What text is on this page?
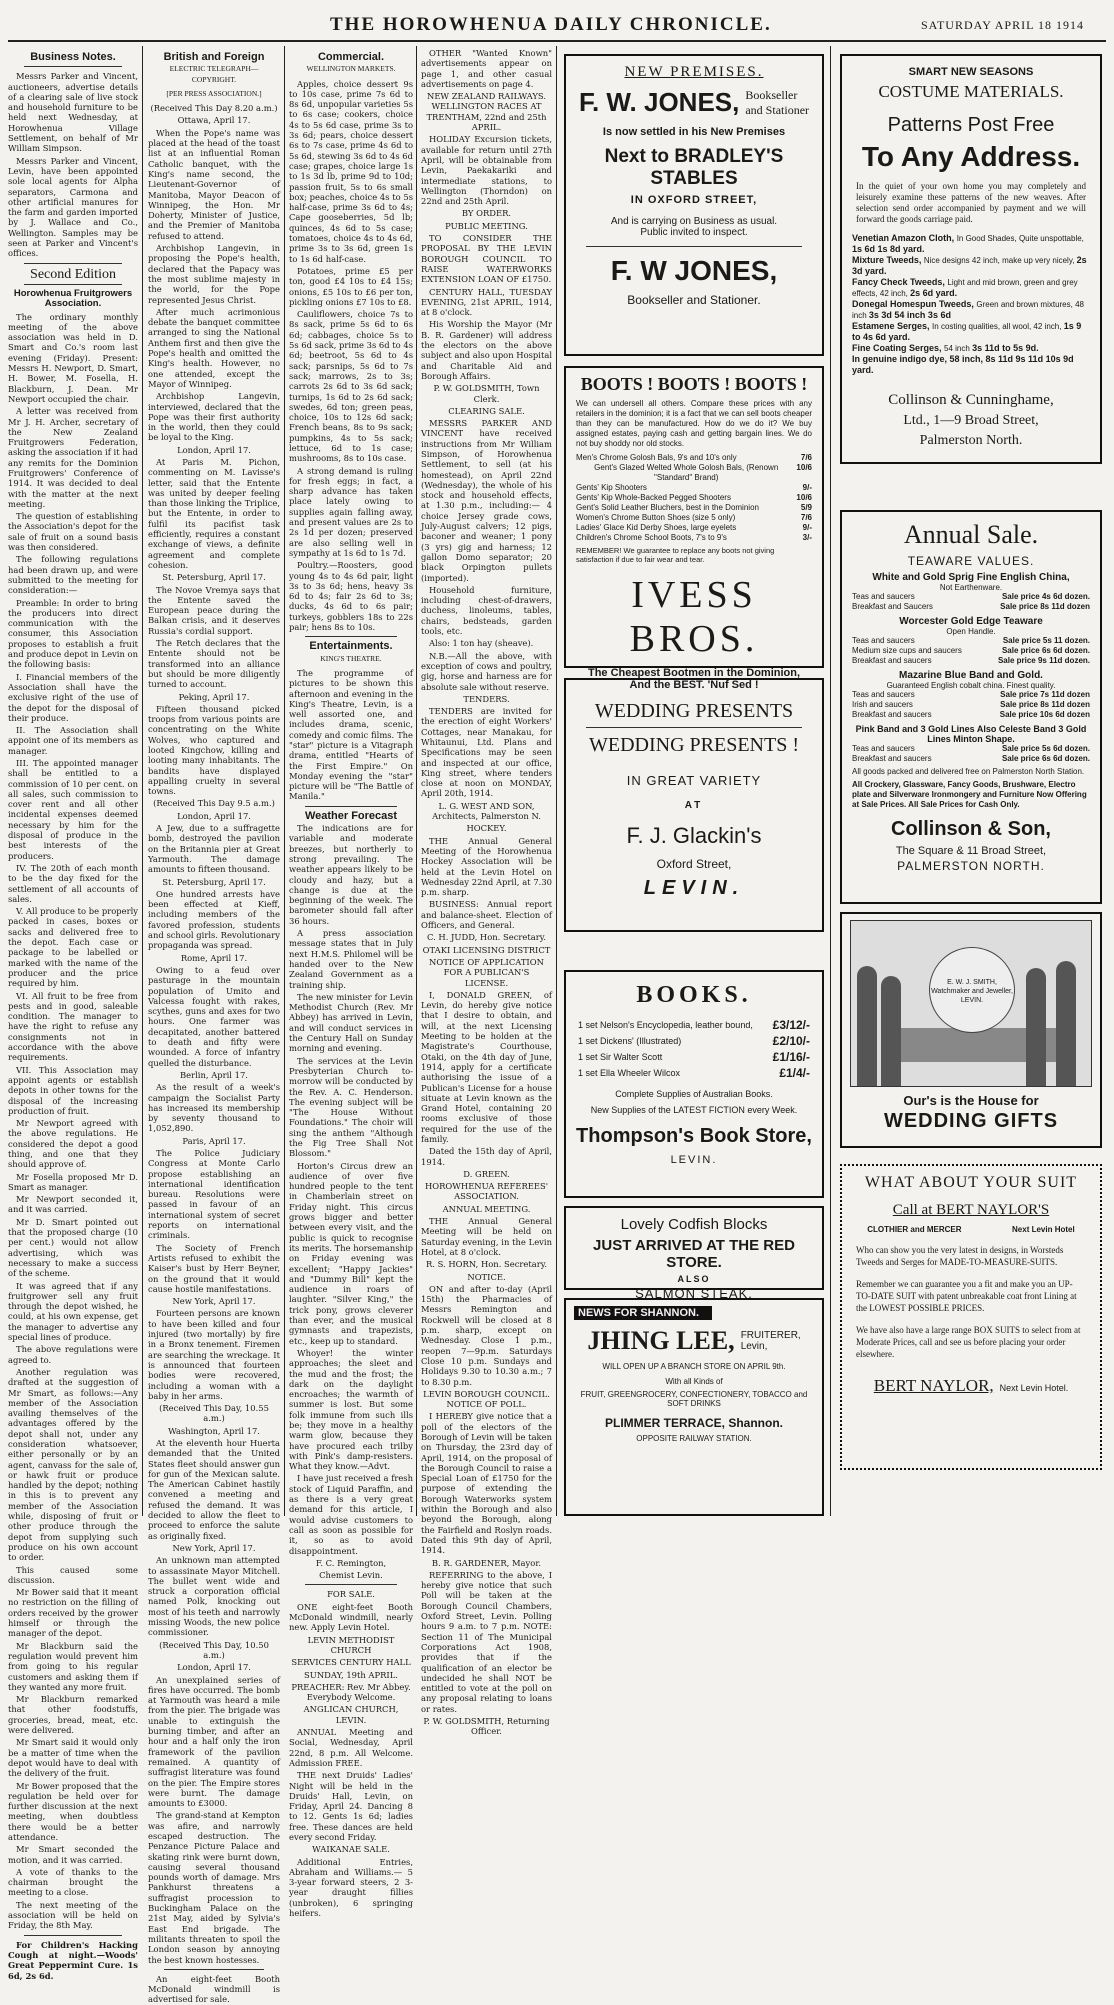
THE HOROWHENUA DAILY CHRONICLE.	SATURDAY APRIL 18 1914
Business Notes.

Messrs Parker and Vincent, auctioneers, advertise details of a clearing sale of live stock and household furniture to be held next Wednesday, at Horowhenua Village Settlement, on behalf of Mr William Simpson.

Messrs Parker and Vincent, Levin, have been appointed sole local agents for Alpha separators, Carmona and other artificial manures for the farm and garden imported by J. Wallace and Co., Wellington. Samples may be seen at Parker and Vincent's offices.

Second Edition
Horowhenua Fruitgrowers Association.

The ordinary monthly meeting of the above association was held in D. Smart and Co.'s room last evening (Friday). Present: Messrs H. Newport, D. Smart, H. Bower, M. Fosella, H. Blackburn, J. Dean. Mr Newport occupied the chair.

A letter was received from Mr J. H. Archer, secretary of the New Zealand Fruitgrowers Federation, asking the association if it had any remits for the Dominion Fruitgrowers' Conference of 1914. It was decided to deal with the matter at the next meeting.

The question of establishing the Association's depot for the sale of fruit on a sound basis was then considered.

The following regulations had been drawn up, and were submitted to the meeting for consideration:—

Preamble: In order to bring the producers into direct communication with the consumer, this Association proposes to establish a fruit and produce depot in Levin on the following basis:

I. Financial members of the Association shall have the exclusive right of the use of the depot for the disposal of their produce.

II. The Association shall appoint one of its members as manager.

III. The appointed manager shall be entitled to a commission of 10 per cent. on all sales, such commission to cover rent and all other incidental expenses deemed necessary by him for the disposal of produce in the best interests of the producers.

IV. The 20th of each month to be the day fixed for the settlement of all accounts of sales.

V. All produce to be properly packed in cases, boxes or sacks and delivered free to the depot. Each case or package to be labelled or marked with the name of the producer and the price required by him.

VI. All fruit to be free from pests and in good, saleable condition. The manager to have the right to refuse any consignments not in accordance with the above requirements.

VII. This Association may appoint agents or establish depots in other towns for the disposal of the increasing production of fruit.

Mr Newport agreed with the above regulations. He considered the depot a good thing, and one that they should approve of.

Mr Fosella proposed Mr D. Smart as manager.

Mr Newport seconded it, and it was carried.

Mr D. Smart pointed out that the proposed charge (10 per cent.) would not allow advertising, which was necessary to make a success of the scheme.

It was agreed that if any fruitgrower sell any fruit through the depot wished, he could, at his own expense, get the manager to advertise any special lines of produce.

The above regulations were agreed to.

Another regulation was drafted at the suggestion of Mr Smart, as follows:—Any member of the Association availing themselves of the advantages offered by the depot shall not, under any consideration whatsoever, either personally or by an agent, canvass for the sale of, or hawk fruit or produce handled by the depot; nothing in this is to prevent any member of the Association while, disposing of fruit or other produce through the depot from supplying such produce on his own account to order.

This caused some discussion.

Mr Bower said that it meant no restriction on the filling of orders received by the grower himself or through the manager of the depot.

Mr Blackburn said the regulation would prevent him from going to his regular customers and asking them if they wanted any more fruit.

Mr Blackburn remarked that other foodstuffs, groceries, bread, meat, etc. were delivered.

Mr Smart said it would only be a matter of time when the depot would have to deal with the delivery of the fruit.

Mr Bower proposed that the regulation be held over for further discussion at the next meeting, when doubtless there would be a better attendance.

Mr Smart seconded the motion, and it was carried.

A vote of thanks to the chairman brought the meeting to a close.

The next meeting of the association will be held on Friday, the 8th May.

For Children's Hacking Cough at night.—Woods' Great Peppermint Cure. 1s 6d, 2s 6d.

British and Foreign
ELECTRIC TELEGRAPH—COPYRIGHT.
[PER PRESS ASSOCIATION.]

(Received This Day 8.20 a.m.)

Ottawa, April 17.

When the Pope's name was placed at the head of the toast list at an influential Roman Catholic banquet, with the King's name second, the Lieutenant-Governor of Manitoba, Mayor Deacon of Winnipeg, the Hon. Mr Doherty, Minister of Justice, and the Premier of Manitoba refused to attend.

Archbishop Langevin, in proposing the Pope's health, declared that the Papacy was the most sublime majesty in the world, for the Pope represented Jesus Christ.

After much acrimonious debate the banquet committee arranged to sing the National Anthem first and then give the Pope's health and omitted the King's health. However, no one attended, except the Mayor of Winnipeg.

Archbishop Langevin, interviewed, declared that the Pope was their first authority in the world, then they could be loyal to the King.

London, April 17.

At Paris M. Pichon, commenting on M. Lavisse's letter, said that the Entente was united by deeper feeling than those linking the Triplice, but the Entente, in order to fulfil its pacifist task efficiently, requires a constant exchange of views, a definite agreement and complete cohesion.

St. Petersburg, April 17.

The Novoe Vremya says that the Entente saved the European peace during the Balkan crisis, and it deserves Russia's cordial support.

The Retch declares that the Entente should not be transformed into an alliance but should be more diligently turned to account.

Peking, April 17.

Fifteen thousand picked troops from various points are concentrating on the White Wolves, who captured and looted Kingchow, killing and looting many inhabitants. The bandits have displayed appalling cruelty in several towns.

(Received This Day 9.5 a.m.)

London, April 17.

A Jew, due to a suffragette bomb, destroyed the pavilion on the Britannia pier at Great Yarmouth. The damage amounts to fifteen thousand.

St. Petersburg, April 17.

One hundred arrests have been effected at Kieff, including members of the favored profession, students and school girls. Revolutionary propaganda was spread.

Rome, April 17.

Owing to a feud over pasturage in the mountain population of Umito and Valcessa fought with rakes, scythes, guns and axes for two hours. One farmer was decapitated, another battered to death and fifty were wounded. A force of infantry quelled the disturbance.

Berlin, April 17.

As the result of a week's campaign the Socialist Party has increased its membership by seventy thousand to 1,052,890.

Paris, April 17.

The Police Judiciary Congress at Monte Carlo propose establishing an international identification bureau. Resolutions were passed in favour of an international system of secret reports on international criminals.

The Society of French Artists refused to exhibit the Kaiser's bust by Herr Beyner, on the ground that it would cause hostile manifestations.

New York, April 17.

Fourteen persons are known to have been killed and four injured (two mortally) by fire in a Bronx tenement. Firemen are searching the wreckage. It is announced that fourteen bodies were recovered, including a woman with a baby in her arms.

(Received This Day, 10.55 a.m.)

Washington, April 17.

At the eleventh hour Huerta demanded that the United States fleet should answer gun for gun of the Mexican salute. The American Cabinet hastily convened a meeting and refused the demand. It was decided to allow the fleet to proceed to enforce the salute as originally fixed.

New York, April 17.

An unknown man attempted to assassinate Mayor Mitchell. The bullet went wide and struck a corporation official named Polk, knocking out most of his teeth and narrowly missing Woods, the new police commissioner.

(Received This Day, 10.50 a.m.)

London, April 17.

An unexplained series of fires have occurred. The bomb at Yarmouth was heard a mile from the pier. The brigade was unable to extinguish the burning timber, and after an hour and a half only the iron framework of the pavilion remained. A quantity of suffragist literature was found on the pier. The Empire stores were burnt. The damage amounts to £3000.

The grand-stand at Kempton was afire, and narrowly escaped destruction. The Penzance Picture Palace and skating rink were burnt down, causing several thousand pounds worth of damage. Mrs Pankhurst threatens a suffragist procession to Buckingham Palace on the 21st May, aided by Sylvia's East End brigade. The militants threaten to spoil the London season by annoying the best known hostesses.

An eight-feet Booth McDonald windmill is advertised for sale.

Commercial.
WELLINGTON MARKETS.

Apples, choice dessert 9s to 10s case, prime 7s 6d to 8s 6d, unpopular varieties 5s to 6s case; cookers, choice 4s to 5s 6d case, prime 3s to 3s 6d; pears, choice dessert 6s to 7s case, prime 4s 6d to 5s 6d, stewing 3s 6d to 4s 6d case; grapes, choice large 1s to 1s 3d lb, prime 9d to 10d; passion fruit, 5s to 6s small box; peaches, choice 4s to 5s half-case, prime 3s 6d to 4s; Cape gooseberries, 5d lb; quinces, 4s 6d to 5s case; tomatoes, choice 4s to 4s 6d, prime 3s to 3s 6d, green 1s to 1s 6d half-case.

Potatoes, prime £5 per ton, good £4 10s to £4 15s; onions, £5 10s to £6 per ton, pickling onions £7 10s to £8.

Cauliflowers, choice 7s to 8s sack, prime 5s 6d to 6s 6d; cabbages, choice 5s to 5s 6d sack, prime 3s 6d to 4s 6d; beetroot, 5s 6d to 4s sack; parsnips, 5s 6d to 7s sack; marrows, 2s to 3s; carrots 2s 6d to 3s 6d sack; turnips, 1s 6d to 2s 6d sack; swedes, 6d ton; green peas, choice, 10s to 12s 6d sack; French beans, 8s to 9s sack; pumpkins, 4s to 5s sack; lettuce, 6d to 1s case; mushrooms, 8s to 10s case.

A strong demand is ruling for fresh eggs; in fact, a sharp advance has taken place lately owing to supplies again falling away, and present values are 2s to 2s 1d per dozen; preserved are also selling well in sympathy at 1s 6d to 1s 7d.

Poultry.—Roosters, good young 4s to 4s 6d pair, light 3s to 3s 6d; hens, heavy 3s 6d to 4s; fair 2s 6d to 3s; ducks, 4s 6d to 6s pair; turkeys, gobblers 18s to 22s pair; hens 8s to 10s.

Entertainments.
KING'S THEATRE.

The programme of pictures to be shown this afternoon and evening in the King's Theatre, Levin, is a well assorted one, and includes drama, scenic, comedy and comic films. The "star" picture is a Vitagraph drama, entitled "Hearts of the First Empire." On Monday evening the "star" picture will be "The Battle of Manila."

Weather Forecast

The indications are for variable and moderate breezes, but northerly to strong prevailing. The weather appears likely to be cloudy and hazy, but a change is due at the beginning of the week. The barometer should fall after 36 hours.

A press association message states that in July next H.M.S. Philomel will be handed over to the New Zealand Government as a training ship.

The new minister for Levin Methodist Church (Rev. Mr Abbey) has arrived in Levin, and will conduct services in the Century Hall on Sunday morning and evening.

The services at the Levin Presbyterian Church to-morrow will be conducted by the Rev. A. C. Henderson. The evening subject will be "The House Without Foundations." The choir will sing the anthem "Although the Fig Tree Shall Not Blossom."

Horton's Circus drew an audience of over five hundred people to the tent in Chamberlain street on Friday night. This circus grows bigger and better between every visit, and the public is quick to recognise its merits. The horsemanship on Friday evening was excellent; "Happy Jackies" and "Dummy Bill" kept the audience in roars of laughter. "Silver King," the trick pony, grows cleverer than ever, and the musical gymnasts and trapezists, etc., keep up to standard.

Whoyer! the winter approaches; the sleet and the mud and the frost; the dark on the daylight encroaches; the warmth of summer is lost. But some folk immune from such ills be; they move in a healthy warm glow, because they have procured each trilby with Pink's damp-resisters. What they know.—Advt.

I have just received a fresh stock of Liquid Paraffin, and as there is a very great demand for this article, I would advise customers to call as soon as possible for it, so as to avoid disappointment.

F. C. Remington,

Chemist Levin.

FOR SALE.

ONE eight-feet Booth McDonald windmill, nearly new. Apply Levin Hotel.

LEVIN METHODIST CHURCH

SERVICES CENTURY HALL

SUNDAY, 19th APRIL.

PREACHER: Rev. Mr Abbey. Everybody Welcome.

ANGLICAN CHURCH, LEVIN.

ANNUAL Meeting and Social, Wednesday, April 22nd, 8 p.m. All Welcome. Admission FREE.

THE next Druids' Ladies' Night will be held in the Druids' Hall, Levin, on Friday, April 24. Dancing 8 to 12. Gents 1s 6d; ladies free. These dances are held every second Friday.

WAIKANAE SALE.

Additional Entries, Abraham and Williams.— 5 3-year forward steers, 2 3-year draught fillies (unbroken), 6 springing heifers.

OTHER "Wanted Known" advertisements appear on page 1, and other casual advertisements on page 4.

NEW ZEALAND RAILWAYS. WELLINGTON RACES AT TRENTHAM, 22nd and 25th APRIL.

HOLIDAY Excursion tickets, available for return until 27th April, will be obtainable from Levin, Paekakariki and intermediate stations, to Wellington (Thorndon) on 22nd and 25th April.

BY ORDER.

PUBLIC MEETING.

TO CONSIDER THE PROPOSAL BY THE LEVIN BOROUGH COUNCIL TO RAISE WATERWORKS EXTENSION LOAN OF £1750.

CENTURY HALL, TUESDAY EVENING, 21st APRIL, 1914, at 8 o'clock.

His Worship the Mayor (Mr B. R. Gardener) will address the electors on the above subject and also upon Hospital and Charitable Aid and Borough Affairs.

P. W. GOLDSMITH, Town Clerk.

CLEARING SALE.

MESSRS PARKER AND VINCENT have received instructions from Mr William Simpson, of Horowhenua Settlement, to sell (at his homestead), on April 22nd (Wednesday), the whole of his stock and household effects, at 1.30 p.m., including:— 4 choice Jersey grade cows, July-August calvers; 12 pigs, baconer and weaner; 1 pony (3 yrs) gig and harness; 12 gallon Domo separator; 20 black Orpington pullets (imported).

Household furniture, including chest-of-drawers, duchess, linoleums, tables, chairs, bedsteads, garden tools, etc.

Also: 1 ton hay (sheave).

N.B.—All the above, with exception of cows and poultry, gig, horse and harness are for absolute sale without reserve.

TENDERS.

TENDERS are invited for the erection of eight Workers' Cottages, near Manakau, for Whitaunui, Ltd. Plans and Specifications may be seen and inspected at our office, King street, where tenders close at noon on MONDAY, April 20th, 1914.

L. G. WEST AND SON, Architects, Palmerston N.

HOCKEY.

THE Annual General Meeting of the Horowhenua Hockey Association will be held at the Levin Hotel on Wednesday 22nd April, at 7.30 p.m. sharp.

BUSINESS: Annual report and balance-sheet. Election of Officers, and General.

C. H. JUDD, Hon. Secretary.

OTAKI LICENSING DISTRICT

NOTICE OF APPLICATION FOR A PUBLICAN'S LICENSE.

I, DONALD GREEN, of Levin, do hereby give notice that I desire to obtain, and will, at the next Licensing Meeting to be holden at the Magistrate's Courthouse, Otaki, on the 4th day of June, 1914, apply for a certificate authorising the issue of a Publican's License for a house situate at Levin known as the Grand Hotel, containing 20 rooms exclusive of those required for the use of the family.

Dated the 15th day of April, 1914.

D. GREEN.

HOROWHENUA REFEREES' ASSOCIATION.

ANNUAL MEETING.

THE Annual General Meeting will be held on Saturday evening, in the Levin Hotel, at 8 o'clock.

R. S. HORN, Hon. Secretary.

NOTICE.

ON and after to-day (April 15th) the Pharmacies of Messrs Remington and Rockwell will be closed at 8 p.m. sharp, except on Wednesday. Close 1 p.m., reopen 7—9p.m. Saturdays Close 10 p.m. Sundays and Holidays 9.30 to 10.30 a.m.; 7 to 8.30 p.m.

LEVIN BOROUGH COUNCIL. NOTICE OF POLL.

I HEREBY give notice that a poll of the electors of the Borough of Levin will be taken on Thursday, the 23rd day of April, 1914, on the proposal of the Borough Council to raise a Special Loan of £1750 for the purpose of extending the Borough Waterworks system within the Borough and also beyond the Borough, along the Fairfield and Roslyn roads. Dated this 9th day of April, 1914.

B. R. GARDENER, Mayor.

REFERRING to the above, I hereby give notice that such Poll will be taken at the Borough Council Chambers, Oxford Street, Levin. Polling hours 9 a.m. to 7 p.m. NOTE: Section 11 of The Municipal Corporations Act 1908, provides that if the qualification of an elector be undecided he shall NOT be entitled to vote at the poll on any proposal relating to loans or rates.

P. W. GOLDSMITH, Returning Officer.

NEW PREMISES.
F. W. JONES, Bookseller
and Stationer
Is now settled in his New Premises
Next to BRADLEY'S STABLES
IN OXFORD STREET,
And is carrying on Business as usual.
Public invited to inspect.
F. W JONES,
Bookseller and Stationer.
BOOTS ! BOOTS ! BOOTS !
We can undersell all others. Compare these prices with any retailers in the dominion; it is a fact that we can sell boots cheaper than they can be manufactured. How do we do it? We buy assigned estates, paying cash and getting bargain lines. We do not buy shoddy nor old stocks.
Men's Chrome Golosh Bals, 9's and 10's only	7/6
Gent's Glazed Welted Whole Golosh Bals, (Renown "Standard" Brand)
10/6
Gents' Kip Shooters	9/-
Gents' Kip Whole-Backed Pegged Shooters	10/6
Gent's Solid Leather Bluchers, best in the Dominion	5/9
Women's Chrome Button Shoes (size 5 only)	7/6
Ladies' Glace Kid Derby Shoes, large eyelets	9/-
Children's Chrome School Boots, 7's to 9's	3/-
REMEMBER! We guarantee to replace any boots not giving satisfaction if due to fair wear and tear.
IVESS BROS.
The Cheapest Bootmen in the Dominion,
And the BEST. 'Nuf Sed !
WEDDING PRESENTS
WEDDING PRESENTS !
IN GREAT VARIETY
AT
F. J. Glackin's
Oxford Street,
LEVIN.
BOOKS.
1 set Nelson's Encyclopedia, leather bound, £3/12/-
1 set Dickens' (Illustrated)	£2/10/-
1 set Sir Walter Scott	£1/16/-
1 set Ella Wheeler Wilcox	£1/4/-
Complete Supplies of Australian Books.
New Supplies of the LATEST FICTION every Week.
Thompson's Book Store,
LEVIN.
Lovely Codfish Blocks
JUST ARRIVED AT THE RED STORE.
ALSO
SALMON STEAK.
NEWS FOR SHANNON.
JHING LEE, FRUITERER, Levin,
WILL OPEN UP A BRANCH STORE ON APRIL 9th.
With all Kinds of
FRUIT, GREENGROCERY, CONFECTIONERY, TOBACCO and SOFT DRINKS
PLIMMER TERRACE, Shannon.
OPPOSITE RAILWAY STATION.
SMART NEW SEASONS
COSTUME MATERIALS.
Patterns Post Free
To Any Address.
In the quiet of your own home you may completely and leisurely examine these patterns of the new weaves. After selection send order accompanied by payment and we will forward the goods carriage paid.
Venetian Amazon Cloth, In Good Shades, Quite unspottable, 1s 6d 1s 8d yard.
Mixture Tweeds, Nice designs 42 inch, make up very nicely, 2s 3d yard.
Fancy Check Tweeds, Light and mid brown, green and grey effects, 42 inch, 2s 6d yard.
Donegal Homespun Tweeds, Green and brown mixtures, 48 inch 3s 3d 54 inch 3s 6d
Estamene Serges, In costing qualities, all wool, 42 inch, 1s 9 to 4s 6d yard.
Fine Coating Serges, 54 inch 3s 11d to 5s 9d.
In genuine indigo dye, 58 inch, 8s 11d 9s 11d 10s 9d yard.
Collinson & Cunninghame,
Ltd., 1—9 Broad Street,
Palmerston North.
Annual Sale.
TEAWARE VALUES.
White and Gold Sprig Fine English China,
Not Earthenware.
Teas and saucers	Sale price 4s 6d dozen.
Breakfast and Saucers	Sale price 8s 11d dozen
Worcester Gold Edge Teaware
Open Handle.
Teas and saucers	Sale price 5s 11 dozen.
Medium size cups and saucers	Sale price 6s 6d dozen.
Breakfast and saucers	Sale price 9s 11d dozen.
Mazarine Blue Band and Gold.
Guaranteed English cobalt china. Finest quality.
Teas and saucers	Sale price 7s 11d dozen
Irish and saucers	Sale price 8s 11d dozen
Breakfast and saucers	Sale price 10s 6d dozen
Pink Band and 3 Gold Lines Also Celeste Band 3 Gold Lines Minton Shape.
Teas and saucers	Sale price 5s 6d dozen.
Breakfast and saucers	Sale price 6s 6d dozen.
All goods packed and delivered free on Palmerston North Station.
All Crockery, Glassware, Fancy Goods, Brushware, Electro plate and Silverware Ironmongery and Furniture Now Offering at Sale Prices. All Sale Prices for Cash Only.
Collinson & Son,
The Square & 11 Broad Street,
PALMERSTON NORTH.
E. W. J. SMITH,
Watchmaker and Jeweller,
LEVIN.
Our's is the House for
WEDDING GIFTS
WHAT ABOUT YOUR SUIT
Call at BERT NAYLOR'S
CLOTHIER and MERCER	Next Levin Hotel
Who can show you the very latest in designs, in Worsteds Tweeds and Serges for MADE-TO-MEASURE-SUITS.
Remember we can guarantee you a fit and make you an UP-TO-DATE SUIT with patent unbreakable coat front Lining at the LOWEST POSSIBLE PRICES.
We have also have a large range BOX SUITS to select from at Moderate Prices, call and see us before placing your order elsewhere.
BERT NAYLOR, Next Levin Hotel.
